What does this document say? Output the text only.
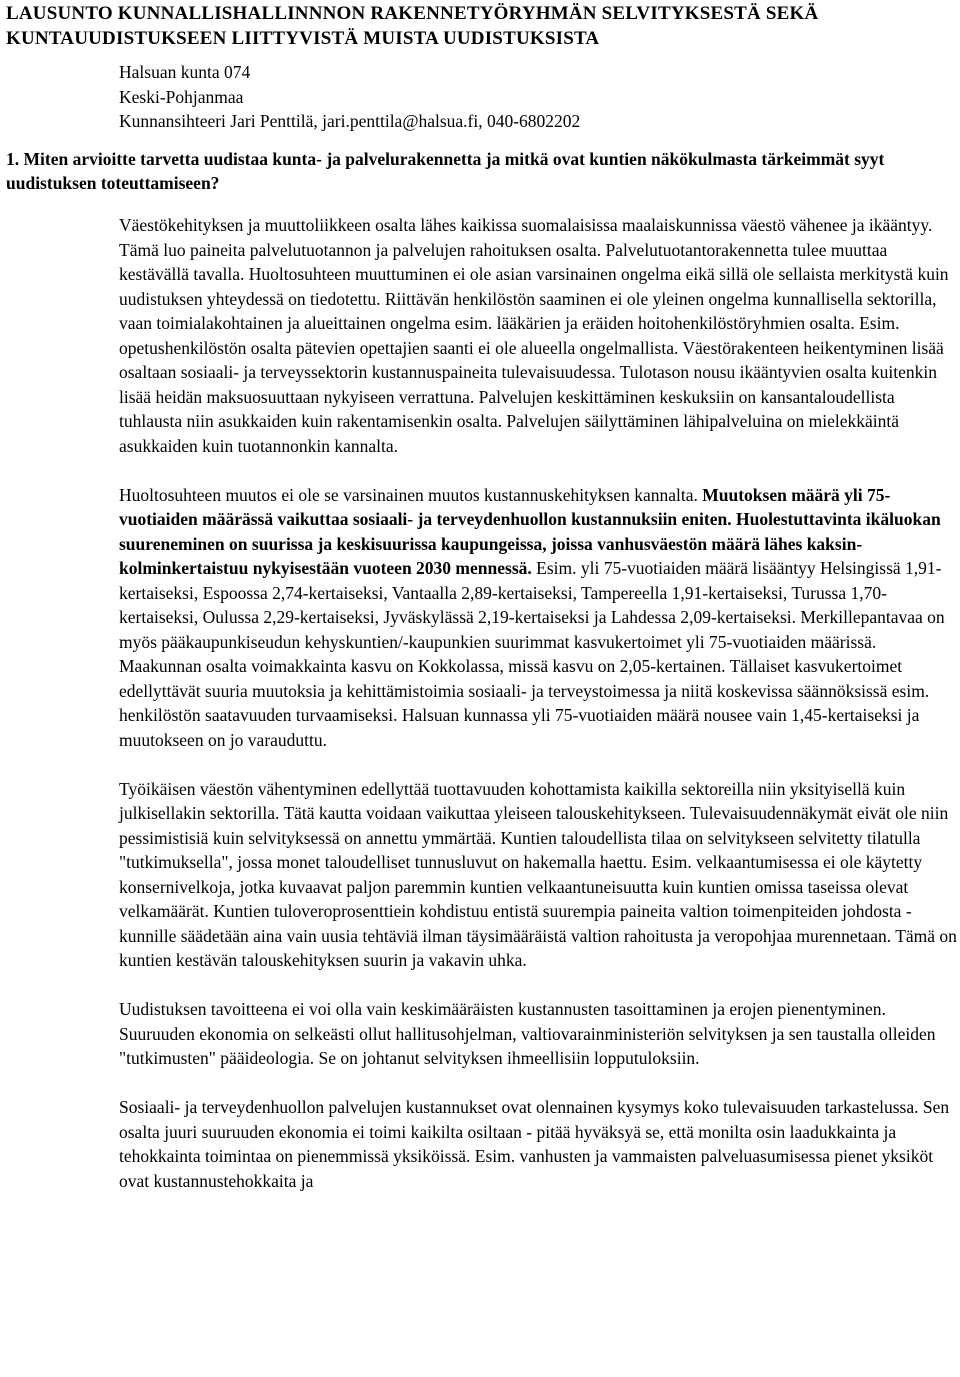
LAUSUNTO KUNNALLISHALLINNNON RAKENNETYÖRYHMÄN SELVITYKSESTÄ SEKÄ KUNTAUUDISTUKSEEN LIITTYVISTÄ MUISTA UUDISTUKSISTA
Halsuan kunta 074
Keski-Pohjanmaa
Kunnansihteeri Jari Penttilä, jari.penttila@halsua.fi, 040-6802202

1. Miten arvioitte tarvetta uudistaa kunta- ja palvelurakennetta ja mitkä ovat kuntien näkökulmasta tärkeimmät syyt uudistuksen toteuttamiseen?

Väestökehityksen ja muuttoliikkeen osalta lähes kaikissa suomalaisissa maalaiskunnissa väestö vähenee ja ikääntyy. Tämä luo paineita palvelutuotannon ja palvelujen rahoituksen osalta. Palvelutuotantorakennetta tulee muuttaa kestävällä tavalla. Huoltosuhteen muuttuminen ei ole asian varsinainen ongelma eikä sillä ole sellaista merkitystä kuin uudistuksen yhteydessä on tiedotettu. Riittävän henkilöstön saaminen ei ole yleinen ongelma kunnallisella sektorilla, vaan toimialakohtainen ja alueittainen ongelma esim. lääkärien ja eräiden hoitohenkilöstöryhmien osalta. Esim. opetushenkilöstön osalta pätevien opettajien saanti ei ole alueella ongelmallista. Väestörakenteen heikentyminen lisää osaltaan sosiaali- ja terveyssektorin kustannuspaineita tulevaisuudessa. Tulotason nousu ikääntyvien osalta kuitenkin lisää heidän maksuosuuttaan nykyiseen verrattuna. Palvelujen keskittäminen keskuksiin on kansantaloudellista tuhlausta niin asukkaiden kuin rakentamisenkin osalta. Palvelujen säilyttäminen lähipalveluina on mielekkäintä asukkaiden kuin tuotannonkin kannalta.

Huoltosuhteen muutos ei ole se varsinainen muutos kustannuskehityksen kannalta. Muutoksen määrä yli 75-vuotiaiden määrässä vaikuttaa sosiaali- ja terveydenhuollon kustannuksiin eniten. Huolestuttavinta ikäluokan suureneminen on suurissa ja keskisuurissa kaupungeissa, joissa vanhusväestön määrä lähes kaksin-kolminkertaistuu nykyisestään vuoteen 2030 mennessä. Esim. yli 75-vuotiaiden määrä lisääntyy Helsingissä 1,91-kertaiseksi, Espoossa 2,74-kertaiseksi, Vantaalla 2,89-kertaiseksi, Tampereella 1,91-kertaiseksi, Turussa 1,70-kertaiseksi, Oulussa 2,29-kertaiseksi, Jyväskylässä 2,19-kertaiseksi ja Lahdessa 2,09-kertaiseksi. Merkillepantavaa on myös pääkaupunkiseudun kehyskuntien/-kaupunkien suurimmat kasvukertoimet yli 75-vuotiaiden määrissä. Maakunnan osalta voimakkainta kasvu on Kokkolassa, missä kasvu on 2,05-kertainen. Tällaiset kasvukertoimet edellyttävät suuria muutoksia ja kehittämistoimia sosiaali- ja terveystoimessa ja niitä koskevissa säännöksissä esim. henkilöstön saatavuuden turvaamiseksi. Halsuan kunnassa yli 75-vuotiaiden määrä nousee vain 1,45-kertaiseksi ja muutokseen on jo varauduttu.

Työikäisen väestön vähentyminen edellyttää tuottavuuden kohottamista kaikilla sektoreilla niin yksityisellä kuin julkisellakin sektorilla. Tätä kautta voidaan vaikuttaa yleiseen talouskehitykseen. Tulevaisuudennäkymät eivät ole niin pessimistisiä kuin selvityksessä on annettu ymmärtää. Kuntien taloudellista tilaa on selvitykseen selvitetty tilatulla "tutkimuksella", jossa monet taloudelliset tunnusluvut on hakemalla haettu. Esim. velkaantumisessa ei ole käytetty konsernivelkoja, jotka kuvaavat paljon paremmin kuntien velkaantuneisuutta kuin kuntien omissa taseissa olevat velkamäärät. Kuntien tuloveroprosenttiein kohdistuu entistä suurempia paineita valtion toimenpiteiden johdosta - kunnille säädetään aina vain uusia tehtäviä ilman täysimääräistä valtion rahoitusta ja veropohjaa murennetaan. Tämä on kuntien kestävän talouskehityksen suurin ja vakavin uhka.

Uudistuksen tavoitteena ei voi olla vain keskimääräisten kustannusten tasoittaminen ja erojen pienentyminen. Suuruuden ekonomia on selkeästi ollut hallitusohjelman, valtiovarainministeriön selvityksen ja sen taustalla olleiden "tutkimusten" pääideologia. Se on johtanut selvityksen ihmeellisiin lopputuloksiin.

Sosiaali- ja terveydenhuollon palvelujen kustannukset ovat olennainen kysymys koko tulevaisuuden tarkastelussa. Sen osalta juuri suuruuden ekonomia ei toimi kaikilta osiltaan - pitää hyväksyä se, että monilta osin laadukkainta ja tehokkainta toimintaa on pienemmissä yksiköissä. Esim. vanhusten ja vammaisten palveluasumisessa pienet yksiköt ovat kustannustehokkaita ja
